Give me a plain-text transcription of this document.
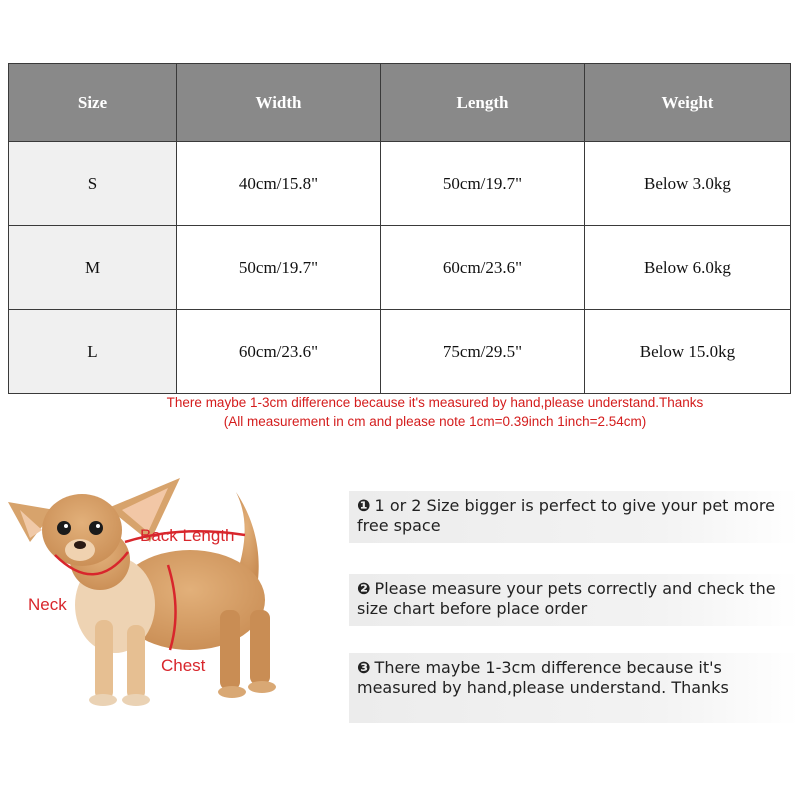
Size	Width	Length	Weight
S	40cm/15.8"	50cm/19.7"	Below 3.0kg
M	50cm/19.7"	60cm/23.6"	Below 6.0kg
L	60cm/23.6"	75cm/29.5"	Below 15.0kg
There maybe 1-3cm difference because it's measured by hand,please understand.Thanks
(All measurement in cm and please note 1cm=0.39inch 1inch=2.54cm)
Back Length
Neck
Chest
❶ 1 or 2 Size bigger is perfect to give your pet more free space
❷ Please measure your pets correctly and check the size chart before place order
❸ There maybe 1-3cm difference because it's measured by hand,please understand. Thanks
